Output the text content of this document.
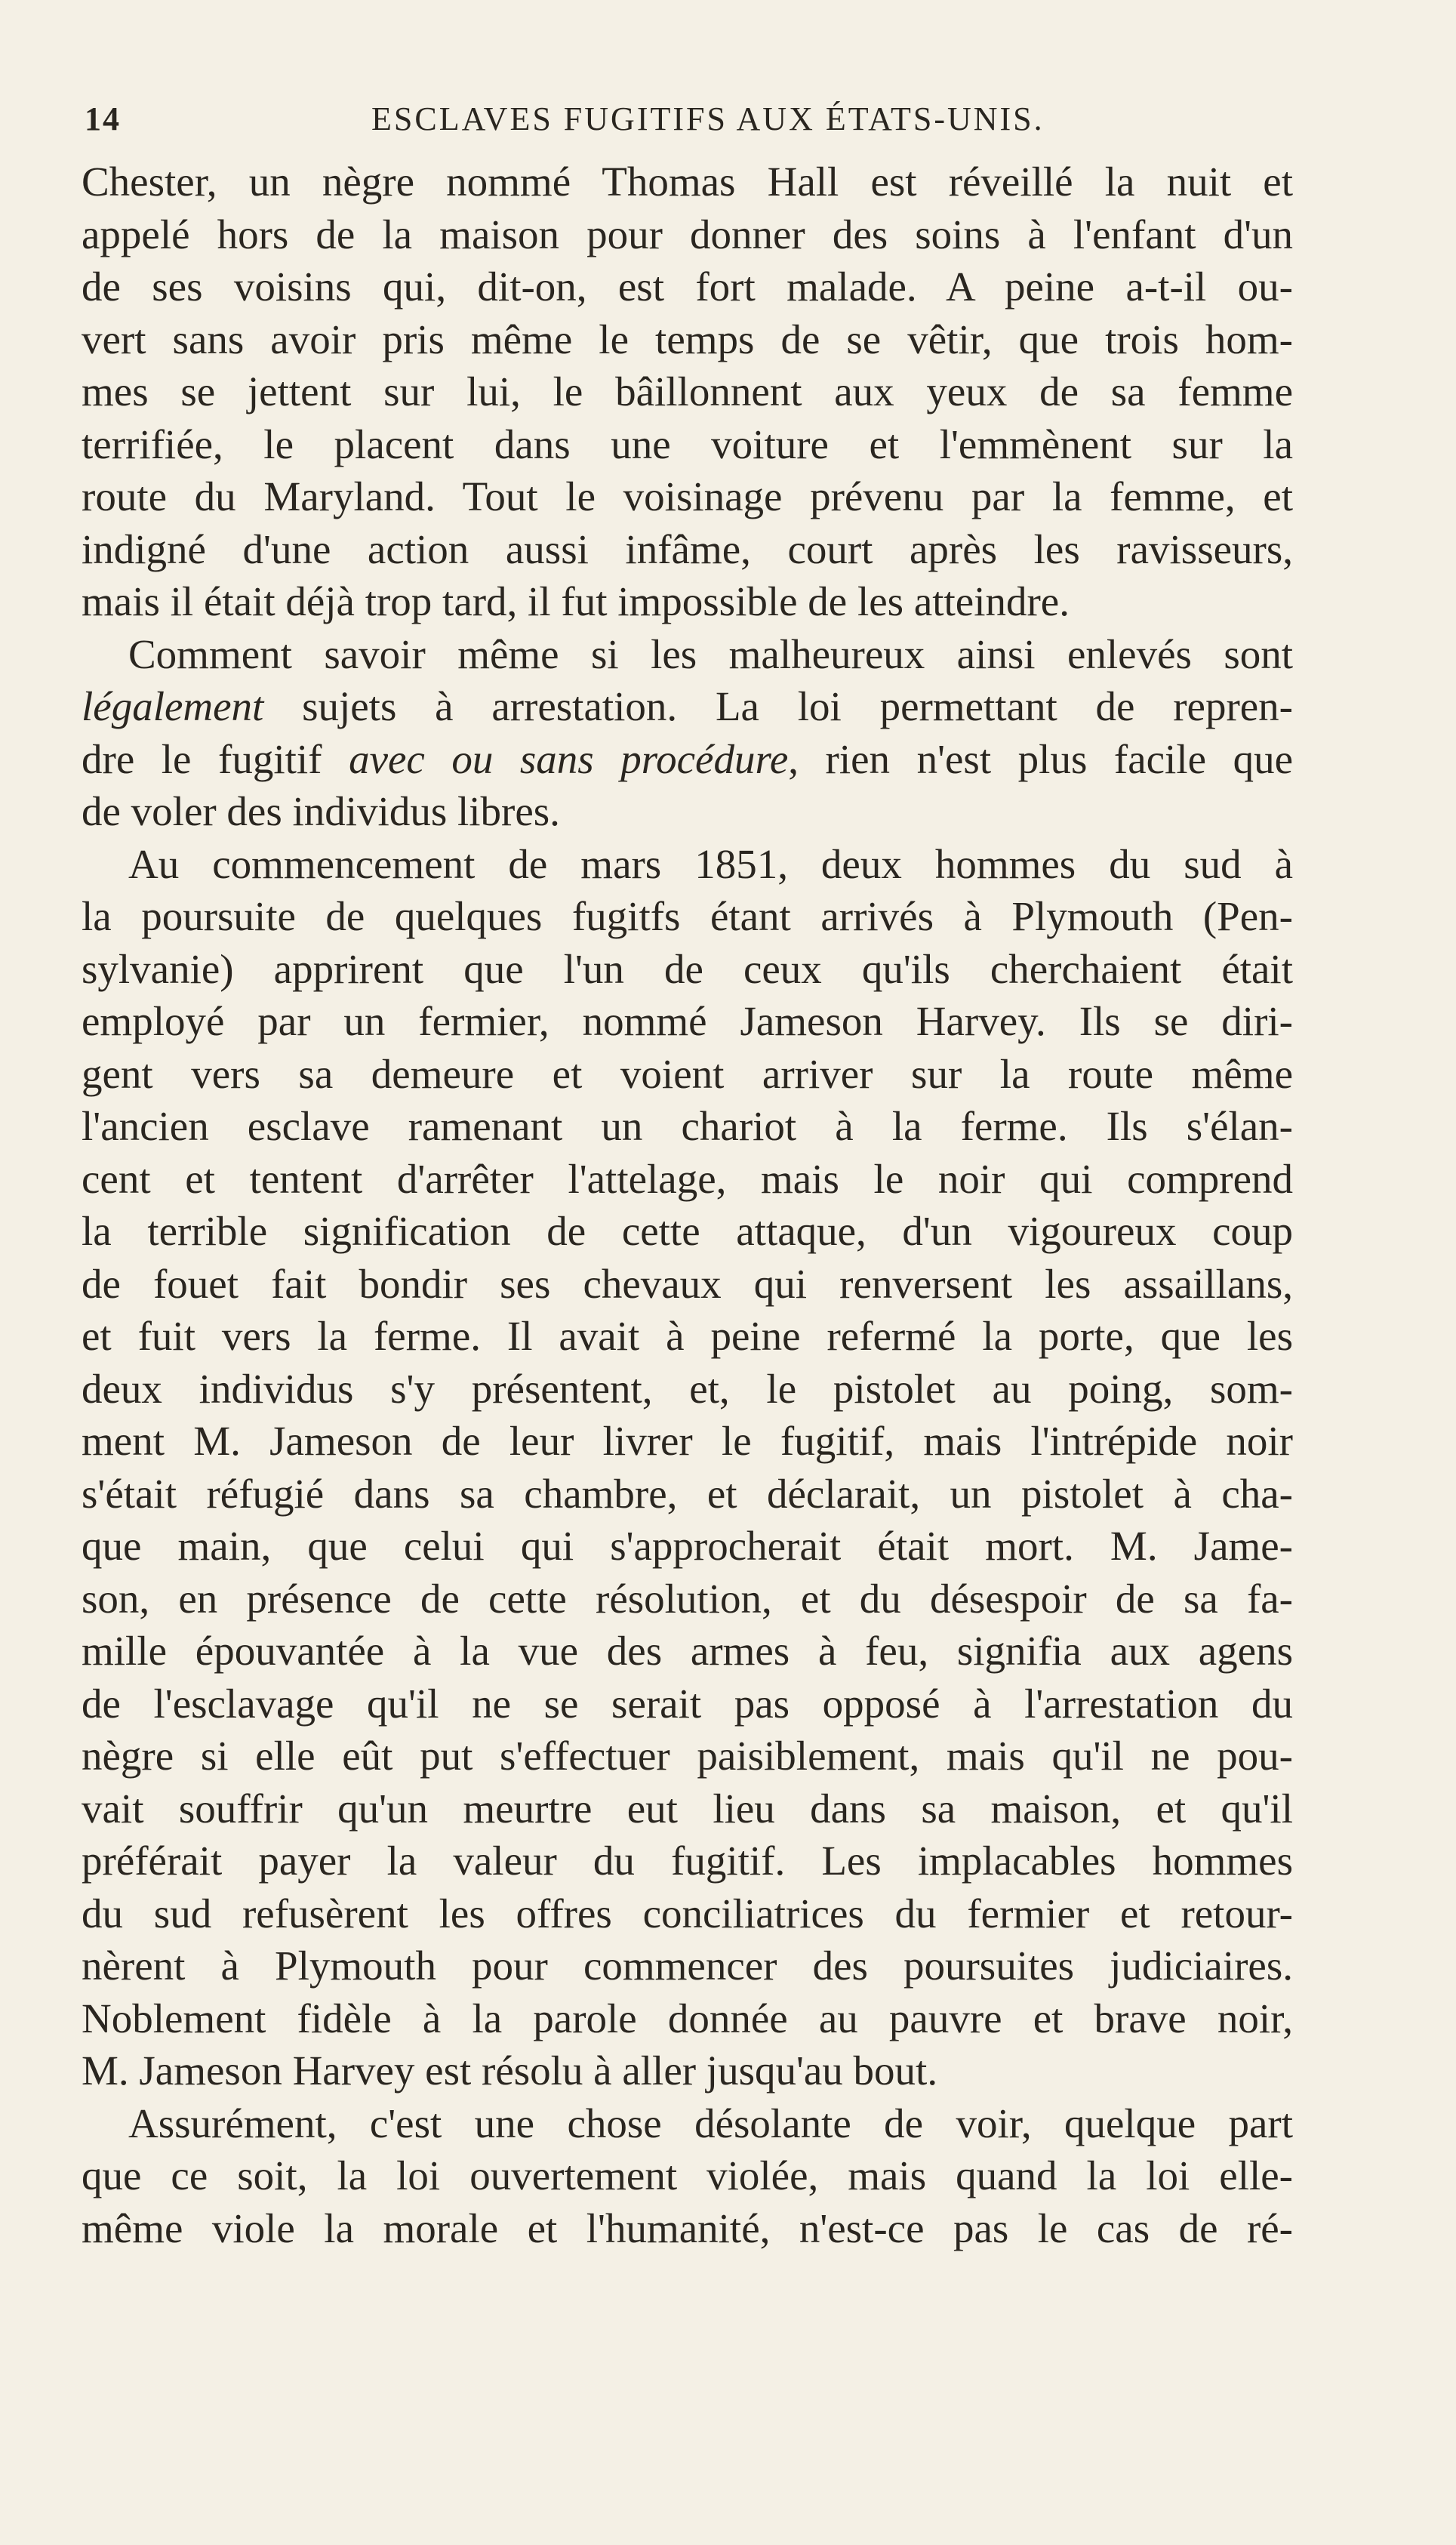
14	ESCLAVES FUGITIFS AUX ÉTATS-UNIS.
Chester, un nègre nommé Thomas Hall est réveillé la nuit et
appelé hors de la maison pour donner des soins à l'enfant d'un
de ses voisins qui, dit-on, est fort malade. A peine a-t-il ou-
vert sans avoir pris même le temps de se vêtir, que trois hom-
mes se jettent sur lui, le bâillonnent aux yeux de sa femme
terrifiée, le placent dans une voiture et l'emmènent sur la
route du Maryland. Tout le voisinage prévenu par la femme, et
indigné d'une action aussi infâme, court après les ravisseurs,
mais il était déjà trop tard, il fut impossible de les atteindre.
Comment savoir même si les malheureux ainsi enlevés sont
légalement sujets à arrestation. La loi permettant de repren-
dre le fugitif avec ou sans procédure, rien n'est plus facile que
de voler des individus libres.
Au commencement de mars 1851, deux hommes du sud à
la poursuite de quelques fugitfs étant arrivés à Plymouth (Pen-
sylvanie) apprirent que l'un de ceux qu'ils cherchaient était
employé par un fermier, nommé Jameson Harvey. Ils se diri-
gent vers sa demeure et voient arriver sur la route même
l'ancien esclave ramenant un chariot à la ferme. Ils s'élan-
cent et tentent d'arrêter l'attelage, mais le noir qui comprend
la terrible signification de cette attaque, d'un vigoureux coup
de fouet fait bondir ses chevaux qui renversent les assaillans,
et fuit vers la ferme. Il avait à peine refermé la porte, que les
deux individus s'y présentent, et, le pistolet au poing, som-
ment M. Jameson de leur livrer le fugitif, mais l'intrépide noir
s'était réfugié dans sa chambre, et déclarait, un pistolet à cha-
que main, que celui qui s'approcherait était mort. M. Jame-
son, en présence de cette résolution, et du désespoir de sa fa-
mille épouvantée à la vue des armes à feu, signifia aux agens
de l'esclavage qu'il ne se serait pas opposé à l'arrestation du
nègre si elle eût put s'effectuer paisiblement, mais qu'il ne pou-
vait souffrir qu'un meurtre eut lieu dans sa maison, et qu'il
préférait payer la valeur du fugitif. Les implacables hommes
du sud refusèrent les offres conciliatrices du fermier et retour-
nèrent à Plymouth pour commencer des poursuites judiciaires.
Noblement fidèle à la parole donnée au pauvre et brave noir,
M. Jameson Harvey est résolu à aller jusqu'au bout.
Assurément, c'est une chose désolante de voir, quelque part
que ce soit, la loi ouvertement violée, mais quand la loi elle-
même viole la morale et l'humanité, n'est-ce pas le cas de ré-
